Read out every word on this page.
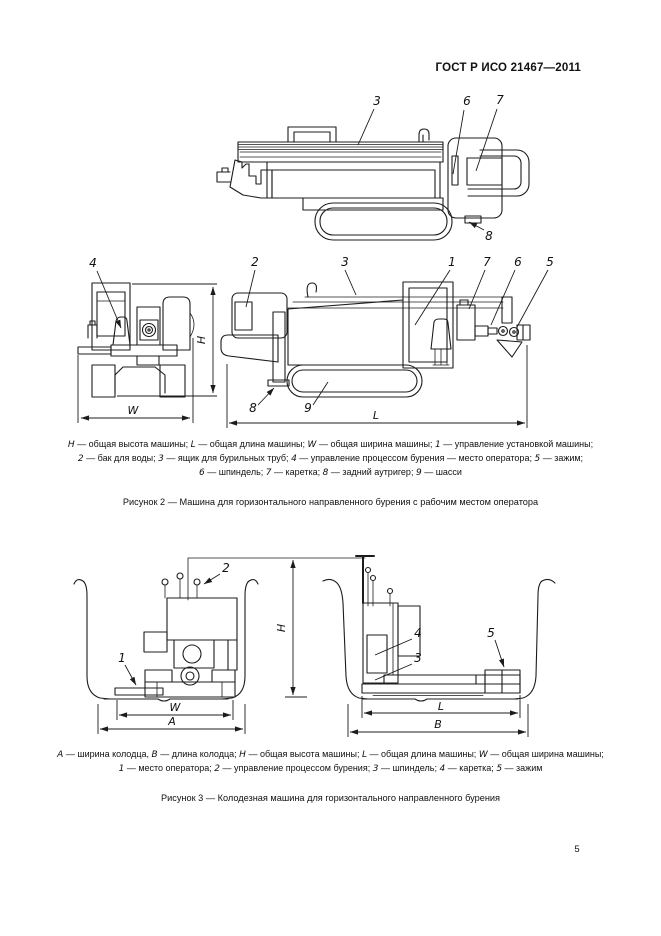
ГОСТ Р ИСО 21467—2011
3	6 7
8
4
W
H
2	3	1 7 6 5
8	9
L
H — общая высота машины; L — общая длина машины; W — общая ширина машины; 1 — управление установкой машины;
2 — бак для воды; 3 — ящик для бурильных труб; 4 — управление процессом бурения — место оператора; 5 — зажим;
6 — шпиндель; 7 — каретка; 8 — задний аутригер; 9 — шасси
Рисунок 2 — Машина для горизонтального направленного бурения с рабочим местом оператора
2
1
W
А
H	4
3
5
L
B
А — ширина колодца, B — длина колодца; H — общая высота машины; L — общая длина машины; W — общая ширина машины;
1 — место оператора; 2 — управление процессом бурения; 3 — шпиндель; 4 — каретка; 5 — зажим
Рисунок 3 — Колодезная машина для горизонтального направленного бурения
5
